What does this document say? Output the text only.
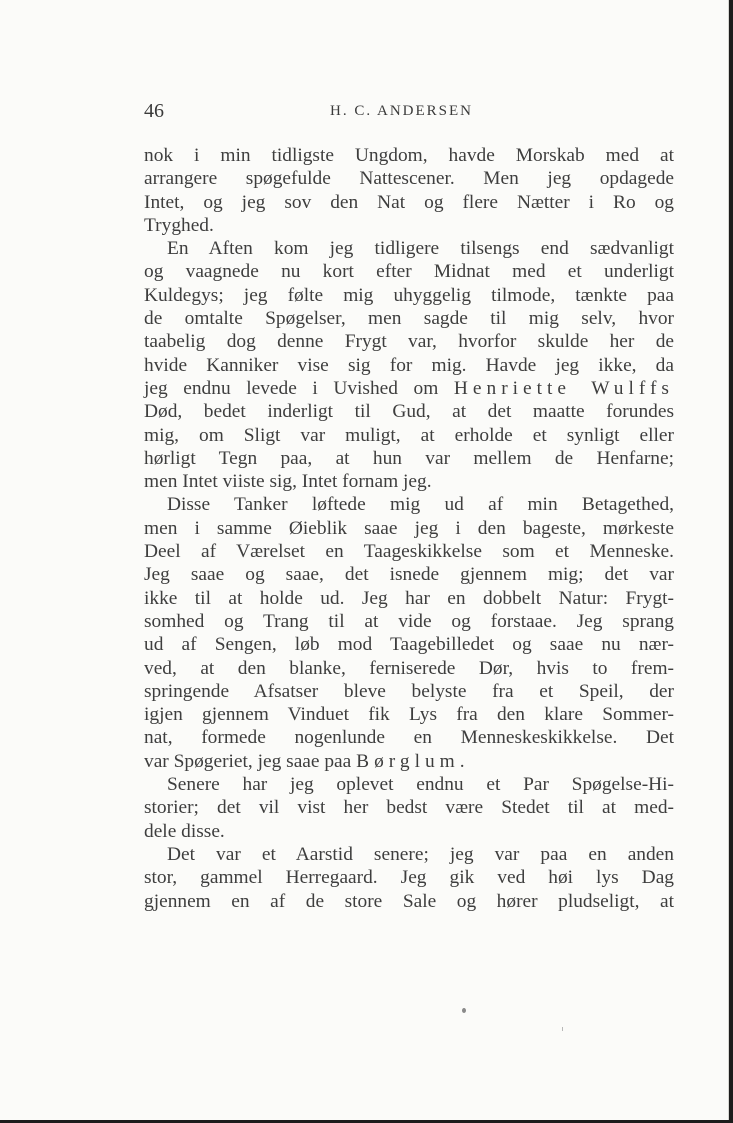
46	H. C. ANDERSEN
nok i min tidligste Ungdom, havde Morskab med at
arrangere spøgefulde Nattescener. Men jeg opdagede
Intet, og jeg sov den Nat og flere Nætter i Ro og
Tryghed.
En Aften kom jeg tidligere tilsengs end sædvanligt
og vaagnede nu kort efter Midnat med et underligt
Kuldegys; jeg følte mig uhyggelig tilmode, tænkte paa
de omtalte Spøgelser, men sagde til mig selv, hvor
taabelig dog denne Frygt var, hvorfor skulde her de
hvide Kanniker vise sig for mig. Havde jeg ikke, da
jeg endnu levede i Uvished om Henriette Wulffs
Død, bedet inderligt til Gud, at det maatte forundes
mig, om Sligt var muligt, at erholde et synligt eller
hørligt Tegn paa, at hun var mellem de Henfarne;
men Intet viiste sig, Intet fornam jeg.
Disse Tanker løftede mig ud af min Betagethed,
men i samme Øieblik saae jeg i den bageste, mørkeste
Deel af Værelset en Taageskikkelse som et Menneske.
Jeg saae og saae, det isnede gjennem mig; det var
ikke til at holde ud. Jeg har en dobbelt Natur: Frygt-
somhed og Trang til at vide og forstaae. Jeg sprang
ud af Sengen, løb mod Taagebilledet og saae nu nær-
ved, at den blanke, ferniserede Dør, hvis to frem-
springende Afsatser bleve belyste fra et Speil, der
igjen gjennem Vinduet fik Lys fra den klare Sommer-
nat, formede nogenlunde en Menneskeskikkelse. Det
var Spøgeriet, jeg saae paa Børglum.
Senere har jeg oplevet endnu et Par Spøgelse-Hi-
storier; det vil vist her bedst være Stedet til at med-
dele disse.
Det var et Aarstid senere; jeg var paa en anden
stor, gammel Herregaard. Jeg gik ved høi lys Dag
gjennem en af de store Sale og hører pludseligt, at
